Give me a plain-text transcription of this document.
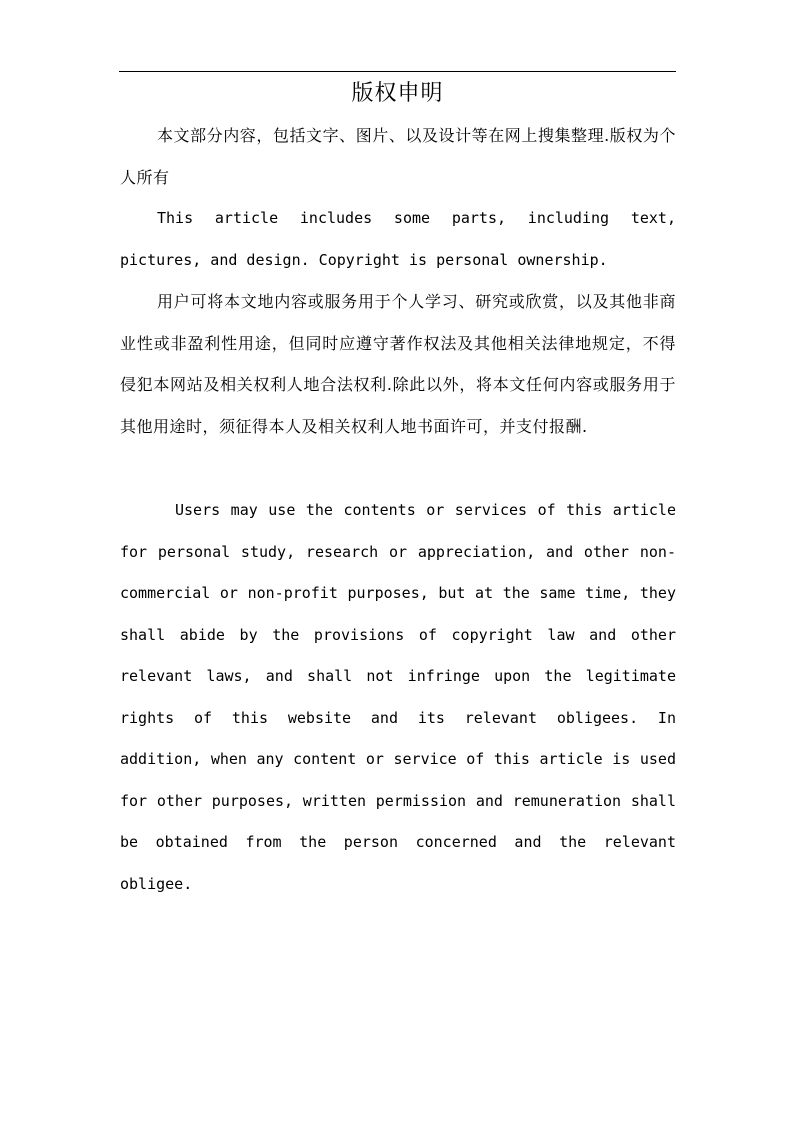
版权申明

本文部分内容，包括文字、图片、以及设计等在网上搜集整理.版权为个人所有

This article includes some parts, including text, pictures, and design. Copyright is personal ownership.

用户可将本文地内容或服务用于个人学习、研究或欣赏，以及其他非商业性或非盈利性用途，但同时应遵守著作权法及其他相关法律地规定，不得侵犯本网站及相关权利人地合法权利.除此以外，将本文任何内容或服务用于其他用途时，须征得本人及相关权利人地书面许可，并支付报酬.

Users may use the contents or services of this article for personal study, research or appreciation, and other non-commercial or non-profit purposes, but at the same time, they shall abide by the provisions of copyright law and other relevant laws, and shall not infringe upon the legitimate rights of this website and its relevant obligees. In addition, when any content or service of this article is used for other purposes, written permission and remuneration shall be obtained from the person concerned and the relevant obligee.
